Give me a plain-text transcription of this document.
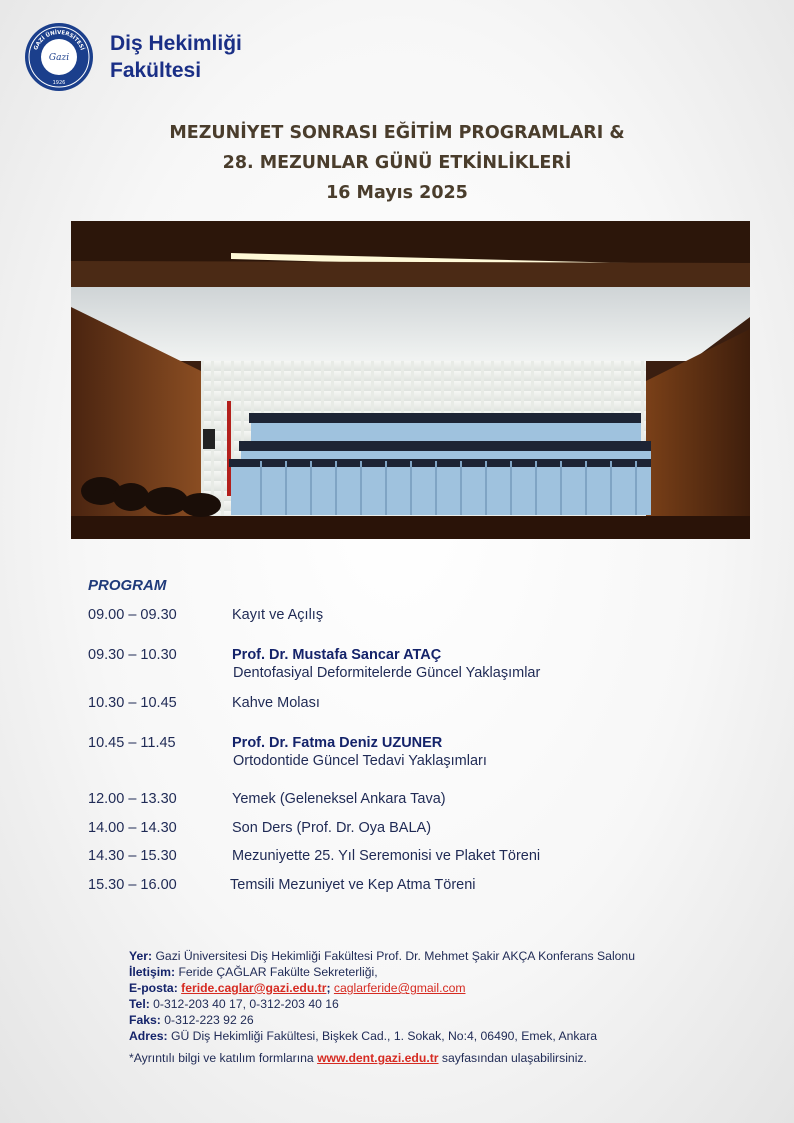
GAZİ ÜNİVERSİTESİ
Gazi
1926
Diş Hekimliği
Fakültesi
MEZUNİYET SONRASI EĞİTİM PROGRAMLARI &
28. MEZUNLAR GÜNÜ ETKİNLİKLERİ
16 Mayıs 2025
PROGRAM
09.00 – 09.30	Kayıt ve Açılış
09.30 – 10.30	Prof. Dr. Mustafa Sancar ATAÇ
Dentofasiyal Deformitelerde Güncel Yaklaşımlar
10.30 – 10.45	Kahve Molası
10.45 – 11.45	Prof. Dr. Fatma Deniz UZUNER
Ortodontide Güncel Tedavi Yaklaşımları
12.00 – 13.30	Yemek (Geleneksel Ankara Tava)
14.00 – 14.30	Son Ders (Prof. Dr. Oya BALA)
14.30 – 15.30	Mezuniyette 25. Yıl Seremonisi ve Plaket Töreni
15.30 – 16.00	Temsili Mezuniyet ve Kep Atma Töreni
Yer: Gazi Üniversitesi Diş Hekimliği Fakültesi Prof. Dr. Mehmet Şakir AKÇA Konferans Salonu
İletişim: Feride ÇAĞLAR Fakülte Sekreterliği,
E-posta: feride.caglar@gazi.edu.tr; caglarferide@gmail.com
Tel: 0-312-203 40 17, 0-312-203 40 16
Faks: 0-312-223 92 26
Adres: GÜ Diş Hekimliği Fakültesi, Bişkek Cad., 1. Sokak, No:4, 06490, Emek, Ankara
*Ayrıntılı bilgi ve katılım formlarına www.dent.gazi.edu.tr sayfasından ulaşabilirsiniz.
